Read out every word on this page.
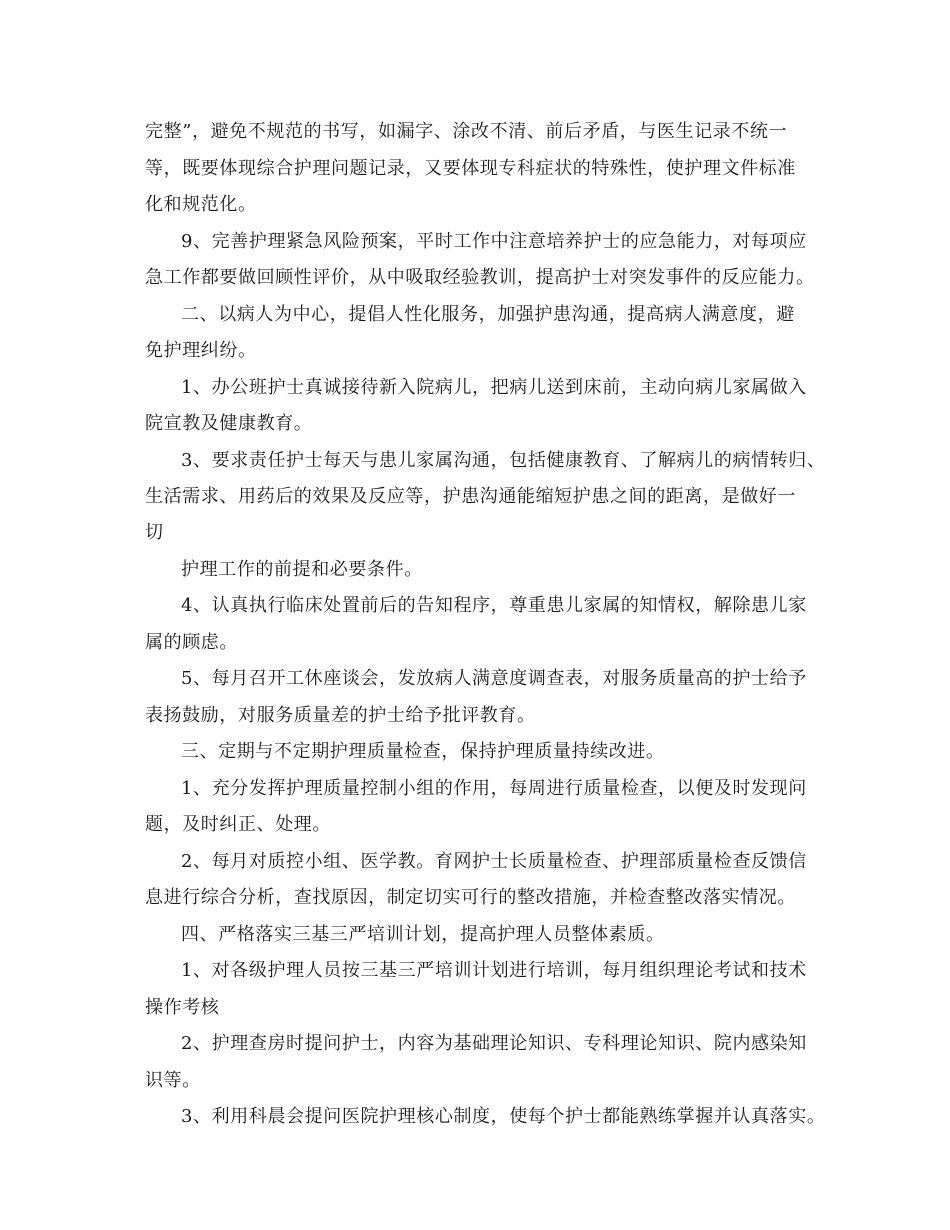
完整”，避免不规范的书写，如漏字、涂改不清、前后矛盾，与医生记录不统一
等，既要体现综合护理问题记录，又要体现专科症状的特殊性，使护理文件标准
化和规范化。
9、完善护理紧急风险预案，平时工作中注意培养护士的应急能力，对每项应
急工作都要做回顾性评价，从中吸取经验教训，提高护士对突发事件的反应能力。
二、以病人为中心，提倡人性化服务，加强护患沟通，提高病人满意度，避
免护理纠纷。
1、办公班护士真诚接待新入院病儿，把病儿送到床前，主动向病儿家属做入
院宣教及健康教育。
3、要求责任护士每天与患儿家属沟通，包括健康教育、了解病儿的病情转归、
生活需求、用药后的效果及反应等，护患沟通能缩短护患之间的距离，是做好一
切
护理工作的前提和必要条件。
4、认真执行临床处置前后的告知程序，尊重患儿家属的知情权，解除患儿家
属的顾虑。
5、每月召开工休座谈会，发放病人满意度调查表，对服务质量高的护士给予
表扬鼓励，对服务质量差的护士给予批评教育。
三、定期与不定期护理质量检查，保持护理质量持续改进。
1、充分发挥护理质量控制小组的作用，每周进行质量检查，以便及时发现问
题，及时纠正、处理。
2、每月对质控小组、医学教。育网护士长质量检查、护理部质量检查反馈信
息进行综合分析，查找原因，制定切实可行的整改措施，并检查整改落实情况。
四、严格落实三基三严培训计划，提高护理人员整体素质。
1、对各级护理人员按三基三严培训计划进行培训，每月组织理论考试和技术
操作考核
2、护理查房时提问护士，内容为基础理论知识、专科理论知识、院内感染知
识等。
3、利用科晨会提问医院护理核心制度，使每个护士都能熟练掌握并认真落实。
